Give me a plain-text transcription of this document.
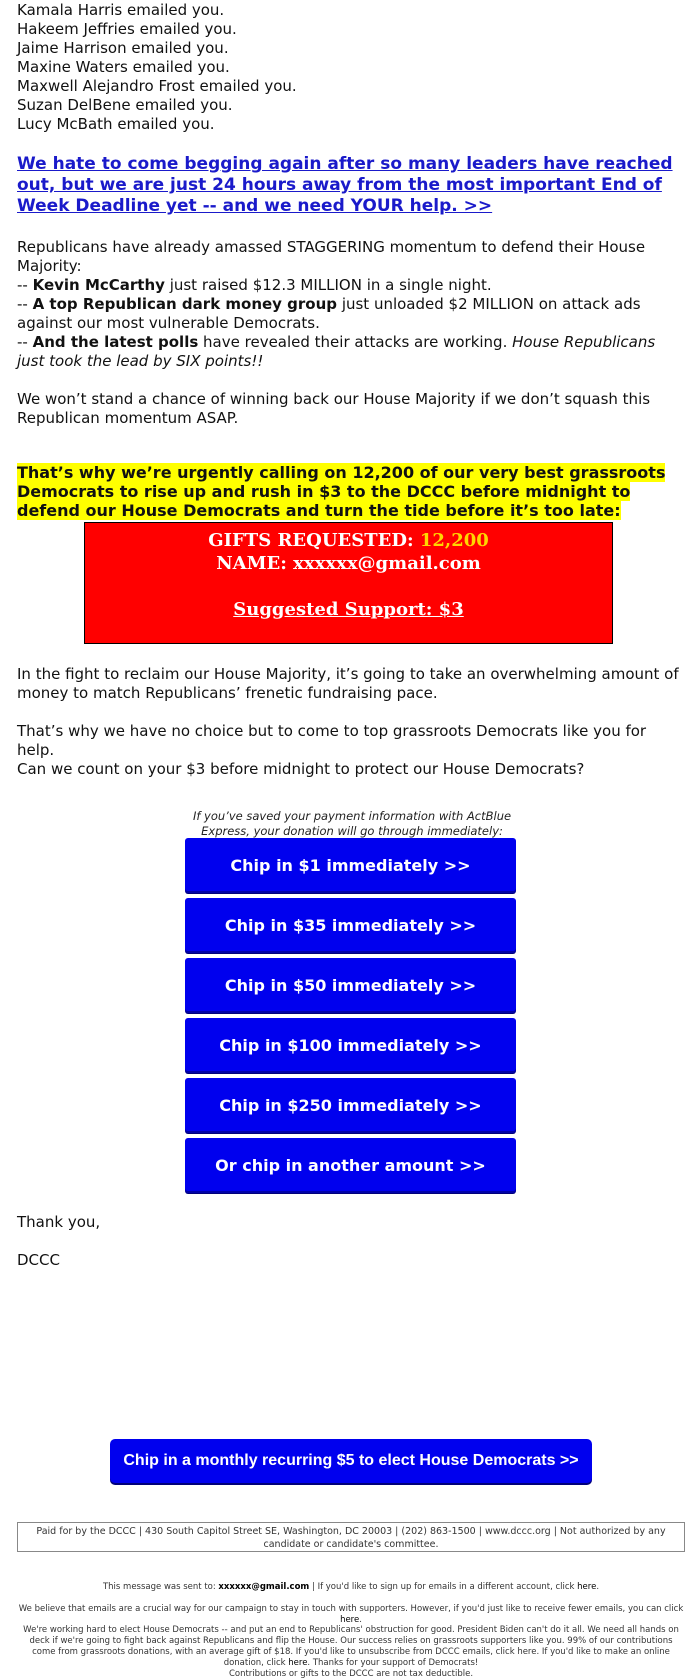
Kamala Harris emailed you.

Hakeem Jeffries emailed you.

Jaime Harrison emailed you.

Maxine Waters emailed you.

Maxwell Alejandro Frost emailed you.

Suzan DelBene emailed you.

Lucy McBath emailed you.

We hate to come begging again after so many leaders have reached out, but we are just 24 hours away from the most important End of Week Deadline yet -- and we need YOUR help. >>

Republicans have already amassed STAGGERING momentum to defend their House Majority:

-- Kevin McCarthy just raised $12.3 MILLION in a single night.

-- A top Republican dark money group just unloaded $2 MILLION on attack ads against our most vulnerable Democrats.

-- And the latest polls have revealed their attacks are working. House Republicans just took the lead by SIX points!!

We won’t stand a chance of winning back our House Majority if we don’t squash this Republican momentum ASAP.

That’s why we’re urgently calling on 12,200 of our very best grassroots Democrats to rise up and rush in $3 to the DCCC before midnight to defend our House Democrats and turn the tide before it’s too late:

GIFTS REQUESTED: 12,200
NAME: xxxxxx@gmail.com
Suggested Support: $3

In the fight to reclaim our House Majority, it’s going to take an overwhelming amount of money to match Republicans’ frenetic fundraising pace.

That’s why we have no choice but to come to top grassroots Democrats like you for help.

Can we count on your $3 before midnight to protect our House Democrats?

If you’ve saved your payment information with ActBlue Express, your donation will go through immediately:

Chip in $1 immediately >>
Chip in $35 immediately >>
Chip in $50 immediately >>
Chip in $100 immediately >>
Chip in $250 immediately >>
Or chip in another amount >>

Thank you,

DCCC

Chip in a monthly recurring $5 to elect House Democrats >>
Paid for by the DCCC | 430 South Capitol Street SE, Washington, DC 20003 | (202) 863-1500 | www.dccc.org | Not authorized by any candidate or candidate's committee.

This message was sent to: xxxxxx@gmail.com | If you'd like to sign up for emails in a different account, click here.

We believe that emails are a crucial way for our campaign to stay in touch with supporters. However, if you'd just like to receive fewer emails, you can click here.

We're working hard to elect House Democrats -- and put an end to Republicans' obstruction for good. President Biden can't do it all. We need all hands on deck if we're going to fight back against Republicans and flip the House. Our success relies on grassroots supporters like you. 99% of our contributions come from grassroots donations, with an average gift of $18. If you'd like to unsubscribe from DCCC emails, click here. If you'd like to make an online donation, click here. Thanks for your support of Democrats!

Contributions or gifts to the DCCC are not tax deductible.
